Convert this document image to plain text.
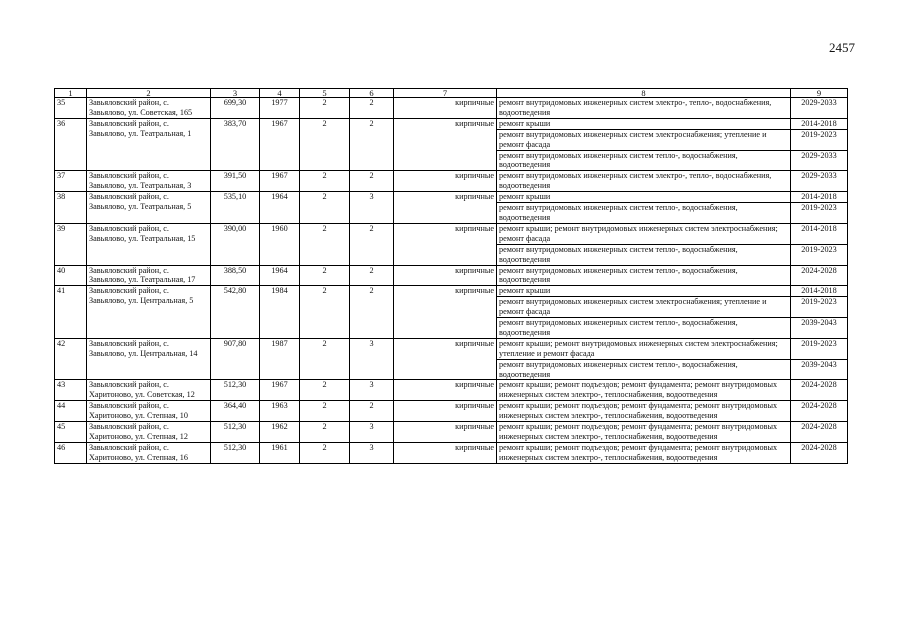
2457
1	2	3	4	5	6	7	8	9
35	Завьяловский район, с. Завьялово, ул. Советская, 165	699,30	1977	2	2	кирпичные	ремонт внутридомовых инженерных систем электро-, тепло-, водоснабжения, водоотведения	2029-2033
36	Завьяловский район, с. Завьялово, ул. Театральная, 1	383,70	1967	2	2	кирпичные	ремонт крыши	2014-2018
							ремонт внутридомовых инженерных систем электроснабжения; утепление и ремонт фасада	2019-2023
							ремонт внутридомовых инженерных систем тепло-, водоснабжения, водоотведения	2029-2033
37	Завьяловский район, с. Завьялово, ул. Театральная, 3	391,50	1967	2	2	кирпичные	ремонт внутридомовых инженерных систем электро-, тепло-, водоснабжения, водоотведения	2029-2033
38	Завьяловский район, с. Завьялово, ул. Театральная, 5	535,10	1964	2	3	кирпичные	ремонт крыши	2014-2018
							ремонт внутридомовых инженерных систем тепло-, водоснабжения, водоотведения	2019-2023
39	Завьяловский район, с. Завьялово, ул. Театральная, 15	390,00	1960	2	2	кирпичные	ремонт крыши; ремонт внутридомовых инженерных систем электроснабжения; ремонт фасада	2014-2018
							ремонт внутридомовых инженерных систем тепло-, водоснабжения, водоотведения	2019-2023
40	Завьяловский район, с. Завьялово, ул. Театральная, 17	388,50	1964	2	2	кирпичные	ремонт внутридомовых инженерных систем тепло-, водоснабжения, водоотведения	2024-2028
41	Завьяловский район, с. Завьялово, ул. Центральная, 5	542,80	1984	2	2	кирпичные	ремонт крыши	2014-2018
							ремонт внутридомовых инженерных систем электроснабжения; утепление и ремонт фасада	2019-2023
							ремонт внутридомовых инженерных систем тепло-, водоснабжения, водоотведения	2039-2043
42	Завьяловский район, с. Завьялово, ул. Центральная, 14	907,80	1987	2	3	кирпичные	ремонт крыши; ремонт внутридомовых инженерных систем электроснабжения; утепление и ремонт фасада	2019-2023
							ремонт внутридомовых инженерных систем тепло-, водоснабжения, водоотведения	2039-2043
43	Завьяловский район, с. Харитоново, ул. Советская, 12	512,30	1967	2	3	кирпичные	ремонт крыши; ремонт подъездов; ремонт фундамента; ремонт внутридомовых инженерных систем электро-, теплоснабжения, водоотведения	2024-2028
44	Завьяловский район, с. Харитоново, ул. Степная, 10	364,40	1963	2	2	кирпичные	ремонт крыши; ремонт подъездов; ремонт фундамента; ремонт внутридомовых инженерных систем электро-, теплоснабжения, водоотведения	2024-2028
45	Завьяловский район, с. Харитоново, ул. Степная, 12	512,30	1962	2	3	кирпичные	ремонт крыши; ремонт подъездов; ремонт фундамента; ремонт внутридомовых инженерных систем электро-, теплоснабжения, водоотведения	2024-2028
46	Завьяловский район, с. Харитоново, ул. Степная, 16	512,30	1961	2	3	кирпичные	ремонт крыши; ремонт подъездов; ремонт фундамента; ремонт внутридомовых инженерных систем электро-, теплоснабжения, водоотведения	2024-2028
